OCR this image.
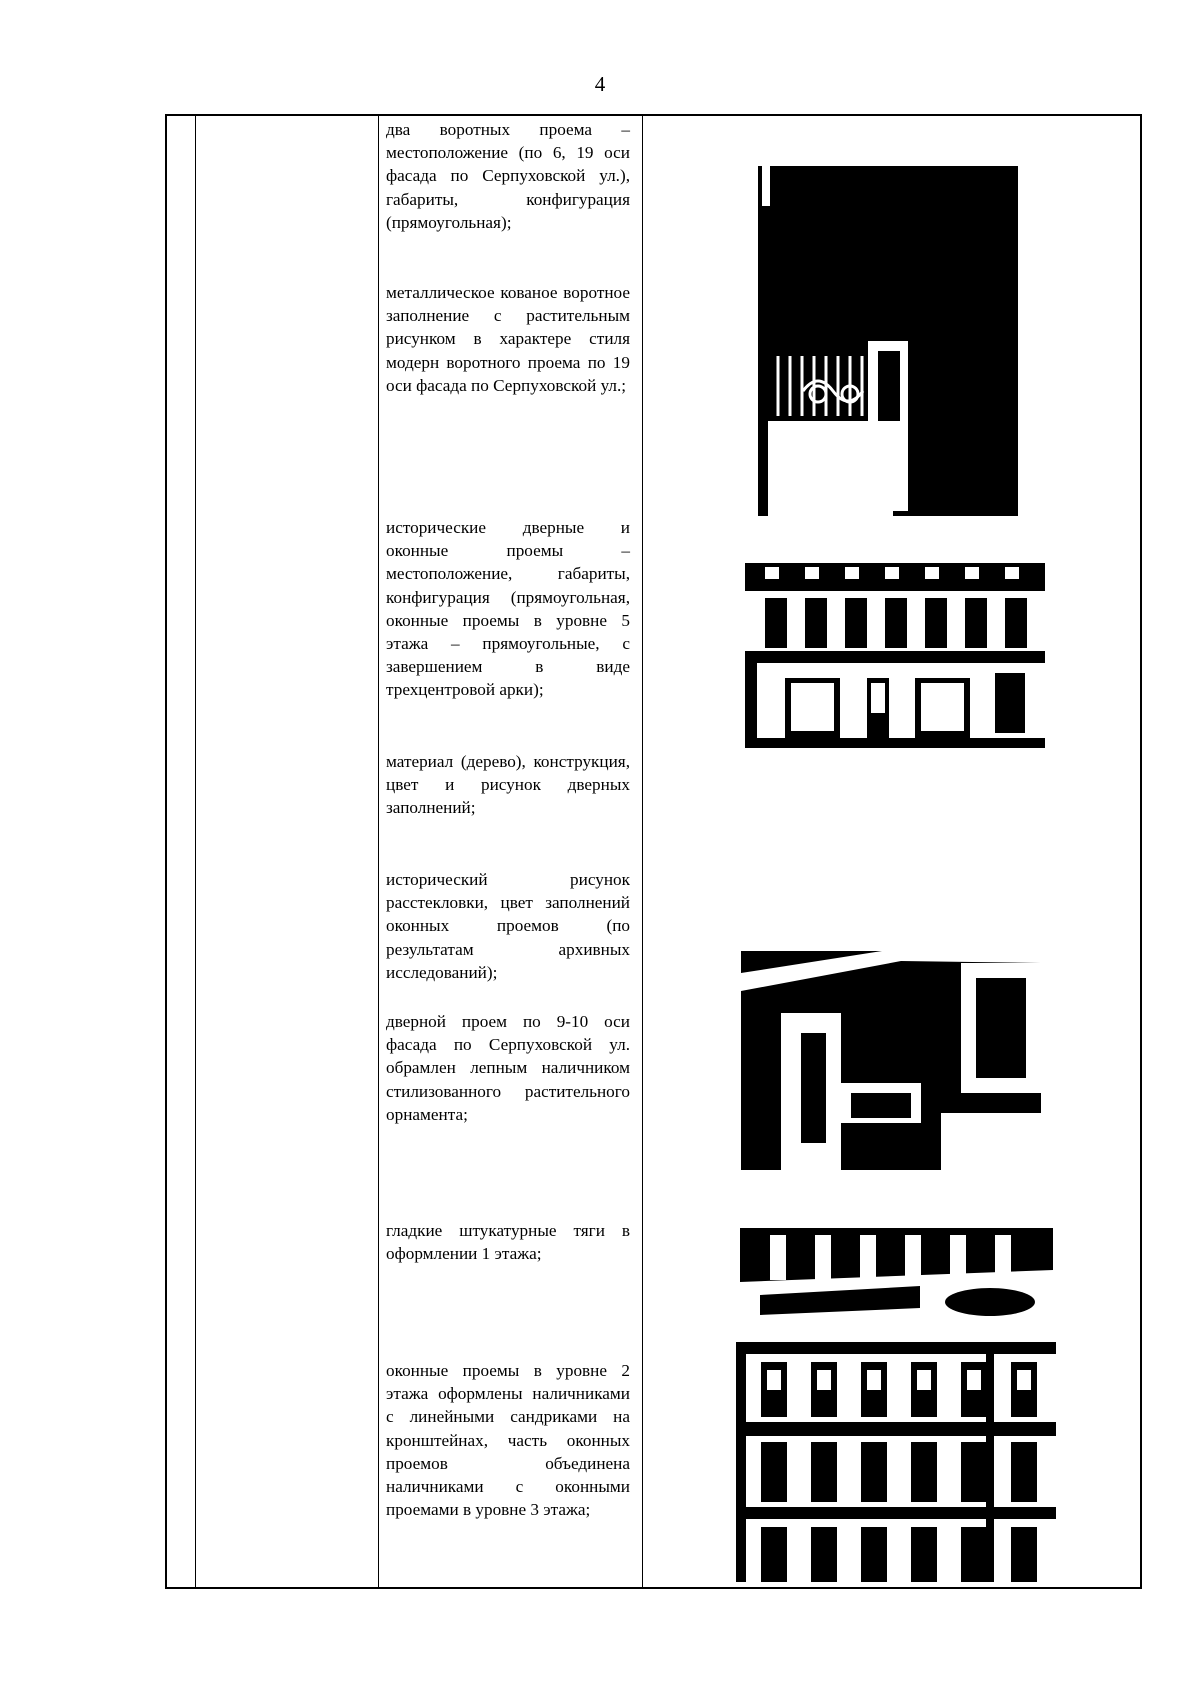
4
два воротных проема – местоположение (по 6, 19 оси фасада по Серпуховской ул.), габариты, конфигурация (прямоугольная);
металлическое кованое воротное заполнение с растительным рисунком в характере стиля модерн воротного проема по 19 оси фасада по Серпуховской ул.;
исторические дверные и оконные проемы – местоположение, габариты, конфигурация (прямоугольная, оконные проемы в уровне 5 этажа – прямоугольные, с завершением в виде трехцентровой арки);
материал (дерево), конструкция, цвет и рисунок дверных заполнений;
исторический рисунок расстекловки, цвет заполнений оконных проемов (по результатам архивных исследований);
дверной проем по 9-10 оси фасада по Серпуховской ул. обрамлен лепным наличником стилизованного растительного орнамента;
гладкие штукатурные тяги в оформлении 1 этажа;
оконные проемы в уровне 2 этажа оформлены наличниками с линейными сандриками на кронштейнах, часть оконных проемов объединена наличниками с оконными проемами в уровне 3 этажа;
